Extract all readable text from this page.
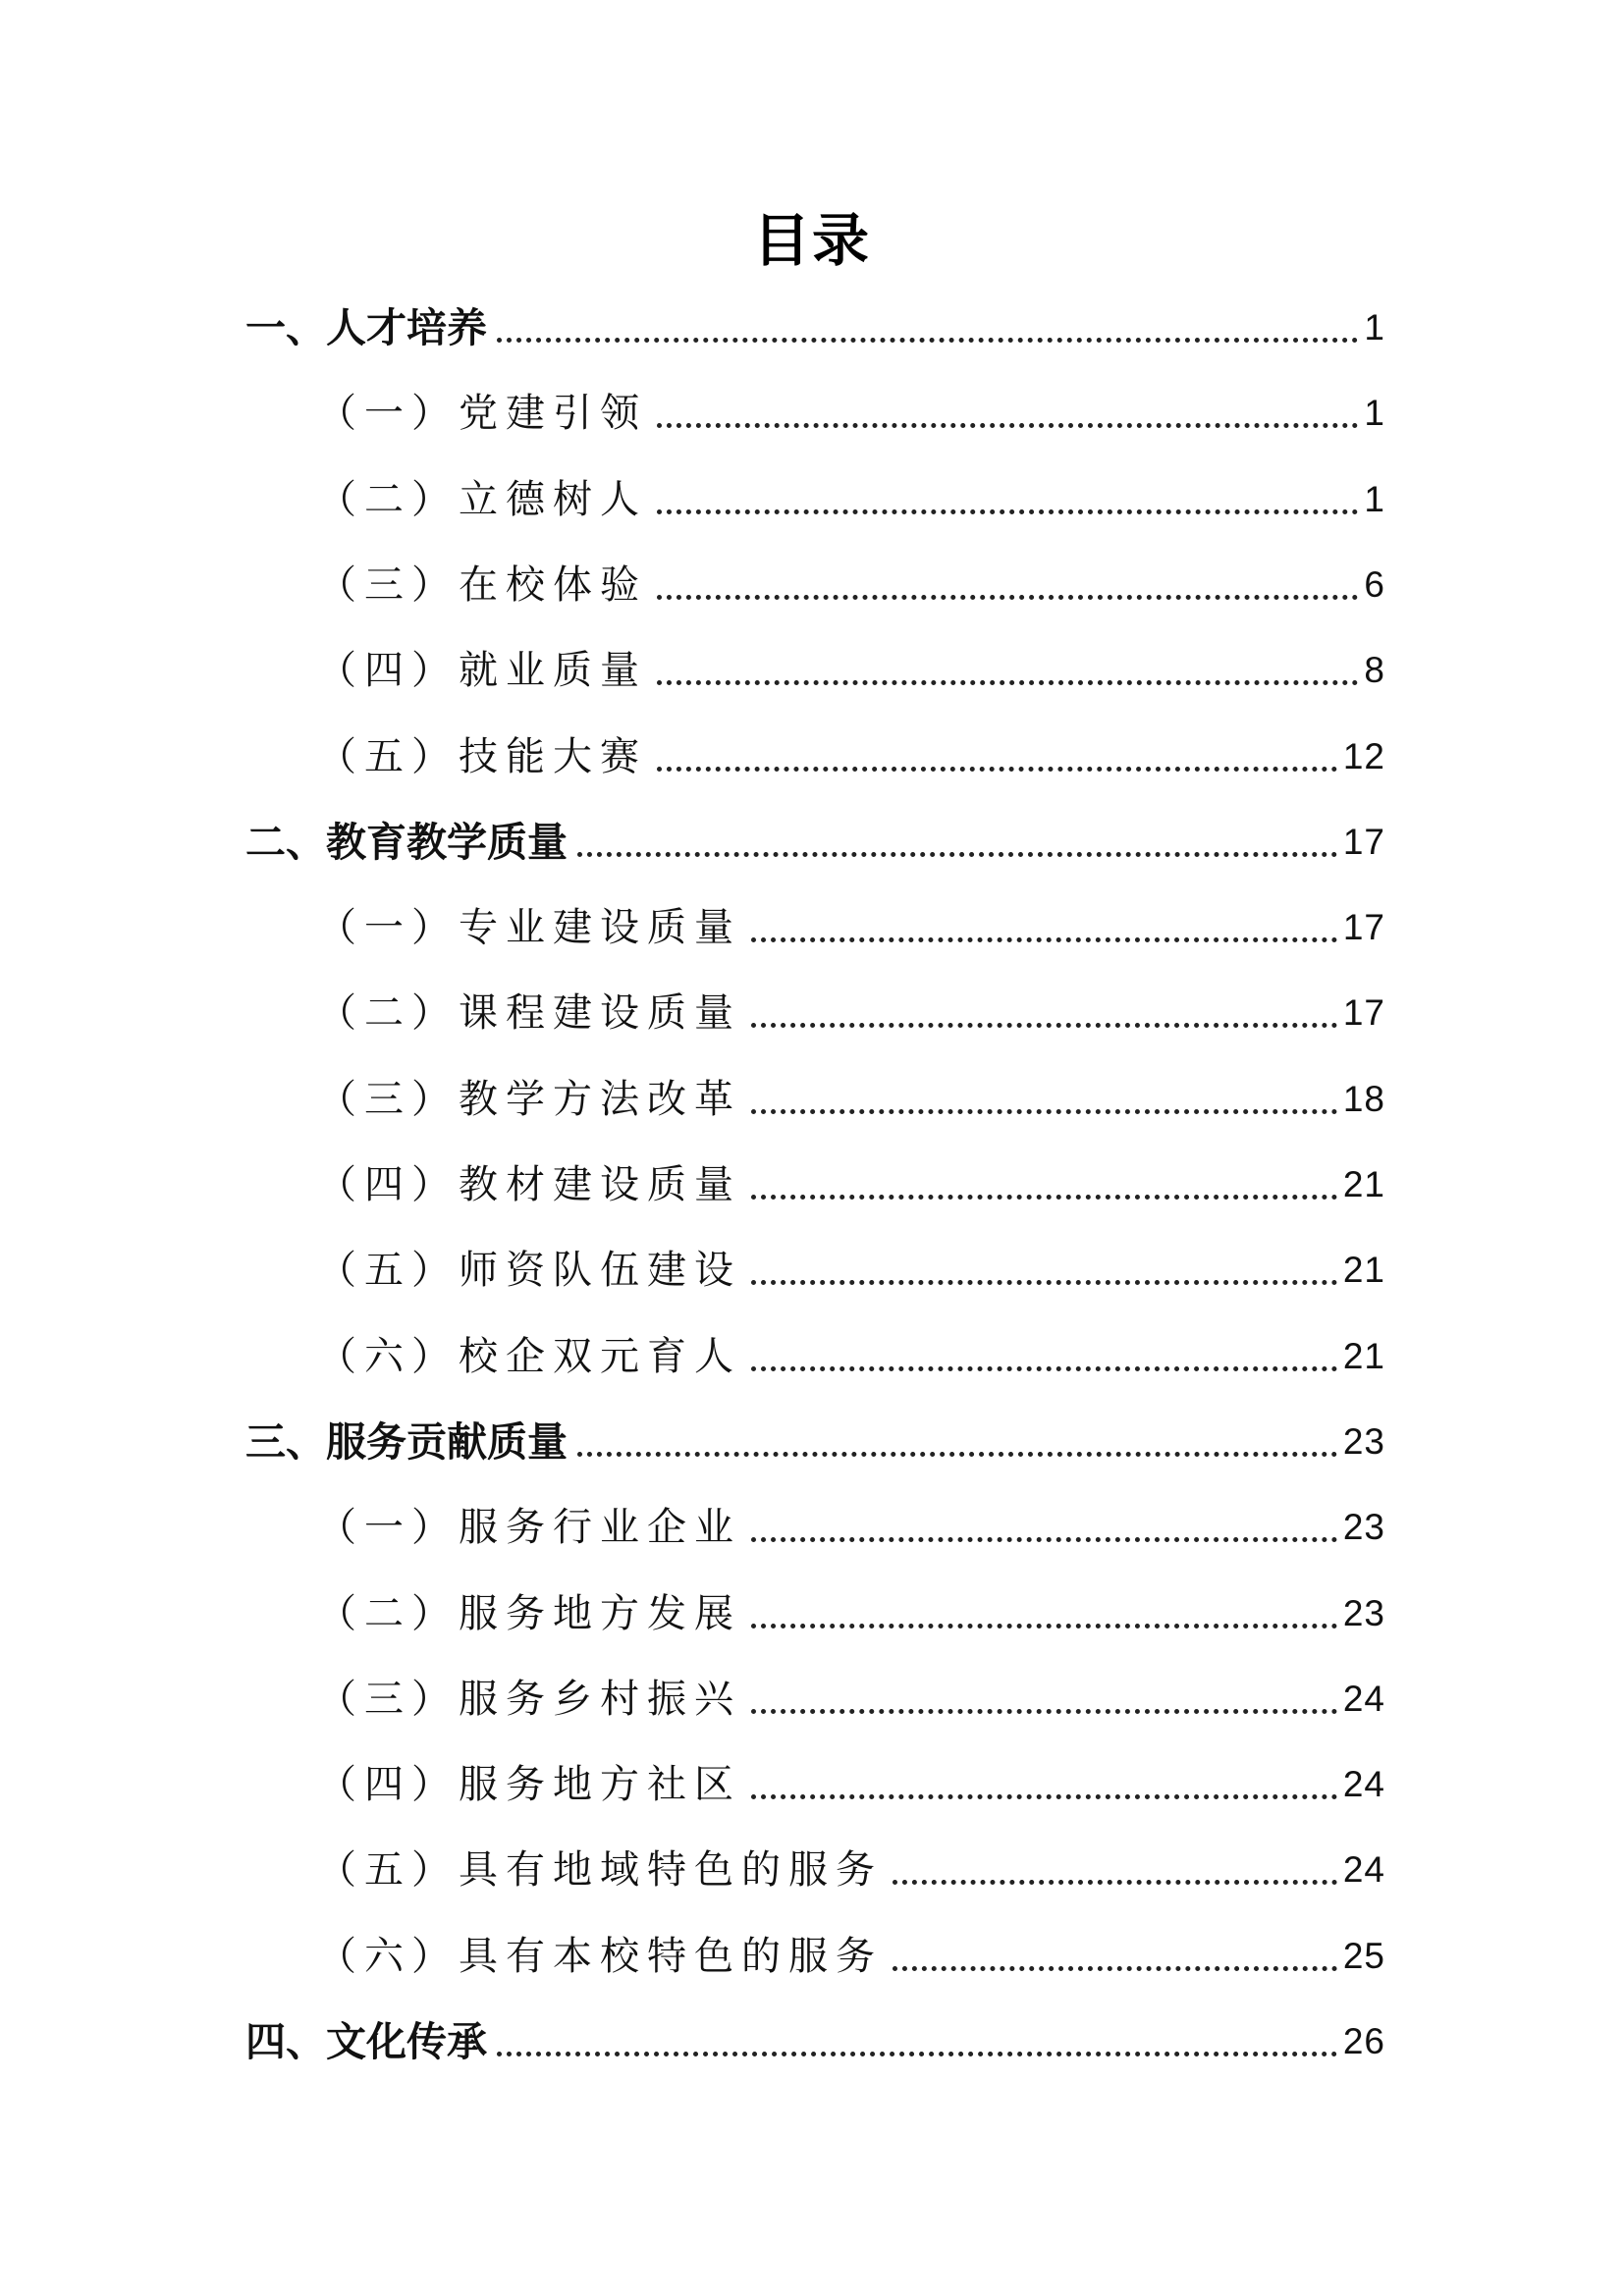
目录
一、人才培养	1
（一）党建引领	1
（二）立德树人	1
（三）在校体验	6
（四）就业质量	8
（五）技能大赛	12
二、教育教学质量	17
（一）专业建设质量	17
（二）课程建设质量	17
（三）教学方法改革	18
（四）教材建设质量	21
（五）师资队伍建设	21
（六）校企双元育人	21
三、服务贡献质量	23
（一）服务行业企业	23
（二）服务地方发展	23
（三）服务乡村振兴	24
（四）服务地方社区	24
（五）具有地域特色的服务	24
（六）具有本校特色的服务	25
四、文化传承	26
